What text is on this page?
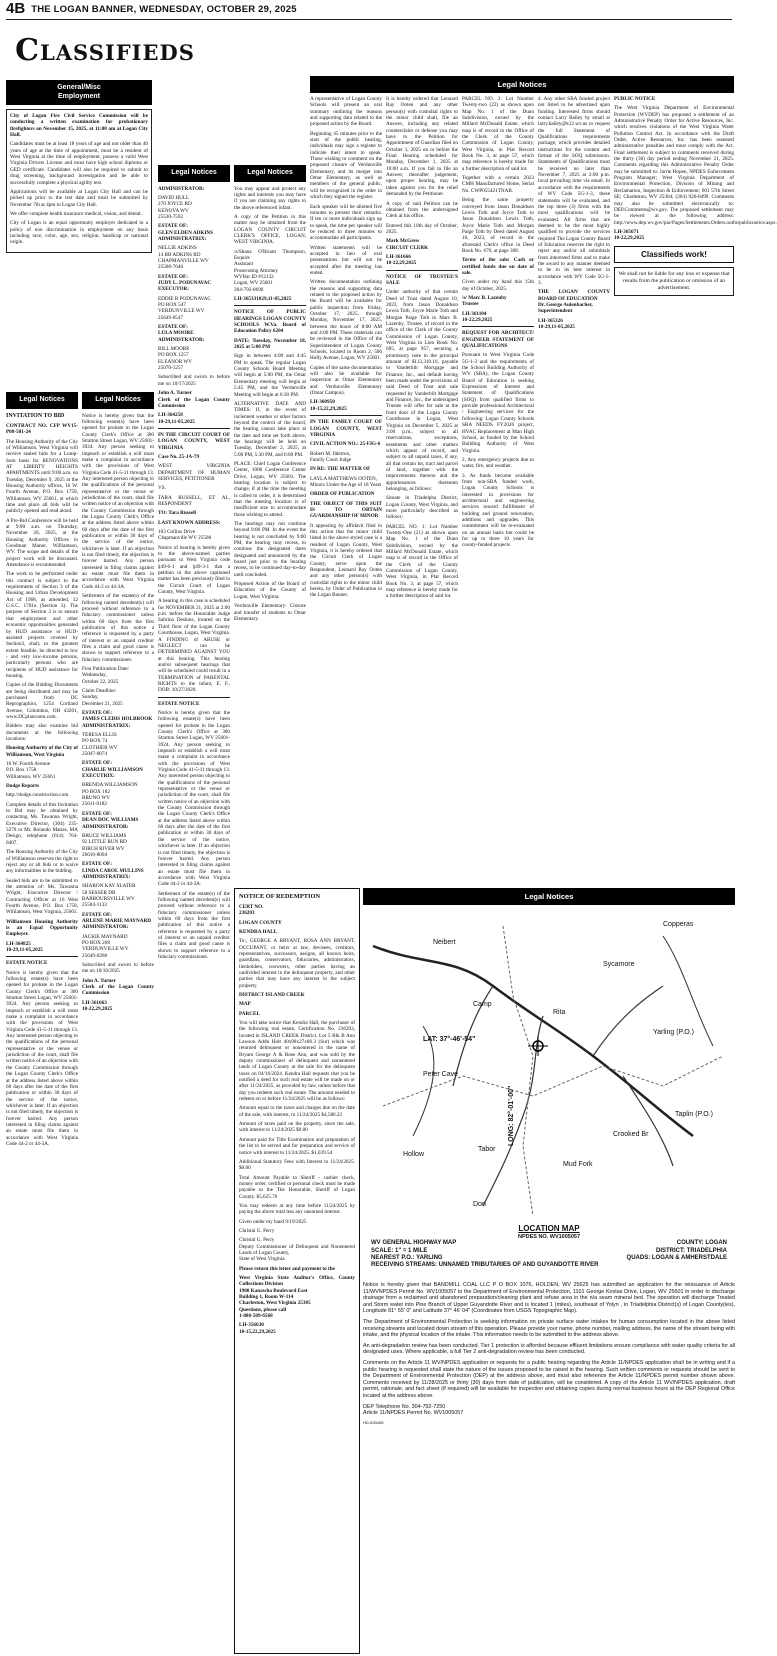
4B THE LOGAN BANNER, WEDNESDAY, OCTOBER 29, 2025
Classifieds
General/Misc
Employment

City of Logan Fire Civil Service Commission will be conducting a written examination for probationary firefighters on November 15, 2025, at 11:00 am at Logan City Hall.

Candidates must be at least 18 years of age and not older than 40 years of age at the time of appointment, must be a resident of West Virginia at the time of employment, possess a valid West Virginia Drivers License and must have high school diploma or GED certificate. Candidates will also be required to submit to drug screening, background investigation and be able to successfully complete a physical agility test.

Applications will be available at Logan City Hall and can be picked up prior to the test date and must be submitted by November 7th at 4pm to Logan City Hall.

We offer complete health insurance medical, vision, and dental.

City of Logan is an equal opportunity employer dedicated to a policy of non discrimination in employment on any basis including race, color, age, sex, religion, handicap or national origin.

Legal Notices

INVITATION TO BID

CONTRACT NO. CFP WV15-P08-501-24

The Housing Authority of the City of Williamson, West Virginia will receive sealed bids for a Lump-Sum basis for RENOVATIONS AT LIBERTY HEIGHTS APARTMENTS until 9:00 a.m. on Tuesday, December 9, 2025 at the Housing Authority offices, 16 W. Fourth Avenue, P.O. Box 1758, Williamson, WV 25661, at which time and place all bids will be publicly opened and read aloud.

A Pre-Bid Conference will be held at 9:00 a.m. on Thursday, November 20, 2025, at the Housing Authority Offices in Goodman Manor, Williamson, WV. The scope and details of the project work will be discussed. Attendance is recommended.

The work to be performed under this contract is subject to the requirements of Section 3 of the Housing and Urban Development Act of 1968, as amended, 12 U.S.C. 1701u (Section 3). The purpose of Section 3 is to ensure that employment and other economic opportunities generated by HUD assistance or HUD-assisted projects covered by Section3, shall, to the greatest extent feasible, be directed to low - and very low-income persons, particularly persons who are recipients of HUD assistance for housing.

Copies of the Bidding Documents are being distributed and may be purchased from DC Reprographics, 1254 Cortland Avenue, Columbus, OH 43201, www.DCplanroom.com.

Bidders may also examine bid documents at the following locations:

Housing Authority of the City of Williamson, West Virginia

16 W. Fourth Avenue
P.O. Box 1758
Williamson, WV 25661

Dodge Reports

http://dodge.construction.com

Complete details of this Invitation to Bid may be obtained by contacting Ms. Tawanna Wright, Executive Director, (304) 235-3270 or Mr. Rolando Matias, MA Design, telephone (614) 764-0407.

The Housing Authority of the City of Williamson reserves the right to reject any or all bids or to waive any informalities in the bidding.

Sealed bids are to be submitted to the attention of: Ms. Tawanna Wright, Executive Director / Contracting Officer at 16 West Fourth Avenue, P.O. Box 1758, Williamson, West Virginia, 25661.

Williamson Housing Authority is an Equal Opportunity Employer.

LH-364825
10-29,11-05,2025

ESTATE NOTICE

Notice is hereby given that the following estate(s) have been opened for probate in the Logan County Clerk's Office at 300 Stratton Street Logan, WV 25601-3924. Any person seeking to impeach or establish a will must make a complaint in accordance with the provisions of West Virginia Code 41-5-11 through 13. Any interested person objecting to the qualifications of the personal representative or the venue or jurisdiction of the court, shall file written notice of an objection with the County Commission through the Logan County Clerk's Office at the address listed above within 60 days after the date of the first publication or within 30 days of the service of the notice, whichever is later. If an objection is not filed timely, the objection is forever barred. Any person interested in filing claims against an estate must file them in accordance with West Virginia Code 44-2 or 44-3A.

Legal Notices

Notice is hereby given that the following estate(s) have been opened for probate in the Logan County Clerk's Office at 300 Stratton Street Logan, WV 25601-3924. Any person seeking to impeach or establish a will must make a complaint in accordance with the provisions of West Virginia Code 41-5-11 through 13. Any interested person objecting to the qualifications of the personal representative or the venue or jurisdiction of the court, shall file written notice of an objection with the County Commission through the Logan County Clerk's Office at the address listed above within 60 days after the date of the first publication or within 30 days of the service of the notice, whichever is later. If an objection is not filed timely, the objection is forever barred. Any person interested in filing claims against an estate must file them in accordance with West Virginia Code 44-2 or 44-3A.

Settlement of the estate(s) of the following named decedent(s) will proceed without reference to a fiduciary commissioner unless within 60 days from the first publication of this notice a reference is requested by a party of interest or an unpaid creditor files a claim and good cause is shown to support reference to a fiduciary commissioner.

First Publication Date:
Wednesday,
October 22, 2025

Claim Deadline:
Sunday,
December 21, 2025

ESTATE OF:
JAMES CLEDIS HOLBROOK
ADMINISTRATRIX:

TERESA ELLIS
PO BOX 74
CLOTHIER WV
25047-0074

ESTATE OF:
CHARLIE WILLIAMSON
EXECUTRIX:

BRENDA WILLIAMSON
PO BOX 182
BRUNO WV
25611-0182

ESTATE OF:
DEAN DOC WILLIAMS
ADMINISTRATOR:

BRUCE WILLIAMS
92 LITTLE RUN RD
BIRCH RIVER WV
26610-8094

ESTATE OF:
LINDA CAROL MULLINS
ADMINISTRATRIX:

SHARON KAY SLATER
58 SESSER DR
BARBOURSVILLE WV
25504-1133

ESTATE OF:
ARLENE MARIE MAYNARD
ADMINISTRATOR:

JACKIE MAYNARD
PO BOX 268
VERDUNVILLE WV
25649-0268

Subscribed and sworn to before me on 10/10/2025

John A. Turner
Clerk of the Logan County Commission

LH-361663
10-22,29,2025

Legal Notices

ADMINISTRATOR:

DAVID HULL
270 JOYCE RD
KENOVA WV
25530-7592

ESTATE OF:
GLEN ELDEN ADKINS
ADMINISTRATRIX:

NELLIE ADKINS
14 BB ADKINS RD
CHAPMANVILLE WV
25508-7640

ESTATE OF:
JUDY L. PODUNAVAC
EXECUTOR:

EDDIE R PODUNAVAC
PO BOX 547
VERDUNVILLE WV
25649-0547

ESTATE OF:
LULA MOORE
ADMINISTRATOR:

BILL MOORE
PO BOX 1257
ELEANOR WV
25070-1257

Subscribed and sworn to before me on 10/17/2025

John A. Turner
Clerk of the Logan County Commission

LH-364258
10-29,11-05,2025

IN THE CIRCUIT COURT OF LOGAN COUNTY, WEST VIRGINIA

Case No. 25-JA-79

WEST VIRGINIA DEPARTMENT OF HUMAN SERVICES, PETITIONER

VS.

TARA RUSSELL, ET AL, RESPONDENT

TO: Tara Russell

LAST KNOWN ADDRESS:

103 Collins Drive
Chapmanville WV 25508

Notice of hearing is hereby given to the above-named parties pursuant to West Virginia code §49-6-1 and §49-3-1 that a petition in the above captioned matter has been previously filed in the Circuit Court of Logan County, West Virginia.

A hearing in this case is scheduled for NOVEMBER 21, 2025 at 2:00 p.m. before the Honorable Judge Sabrina Deskins, located on the Third floor of the Logan County Courthouse, Logan, West Virginia. A FINDING of ABUSE or NEGLECT can be DETERMINED AGAINST YOU at this hearing. This hearing and/or subsequent hearings that will be scheduled could result in a TERMINATION of PARENTAL RIGHTS to the infant, E. F., DOB: 10/27/2020.

ESTATE NOTICE

Notice is hereby given that the following estate(s) have been opened for probate in the Logan County Clerk's Office at 300 Stratton Street Logan, WV 25601-3924. Any person seeking to impeach or establish a will must make a complaint in accordance with the provisions of West Virginia Code 41-5-11 through 13. Any interested person objecting to the qualifications of the personal representative or the venue or jurisdiction of the court, shall file written notice of an objection with the County Commission through the Logan County Clerk's Office at the address listed above within 60 days after the date of the first publication or within 30 days of the service of the notice, whichever is later. If an objection is not filed timely, the objection is forever barred. Any person interested in filing claims against an estate must file them in accordance with West Virginia Code 44-2 or 44-3A.

Settlement of the estate(s) of the following named decedent(s) will proceed without reference to a fiduciary commissioner unless within 60 days from the first publication of this notice a reference is requested by a party of interest or an unpaid creditor files a claim and good cause is shown to support reference to a fiduciary commissioner.

Legal Notices

You may appear and protect any rights and interests you may have if you are claiming any rights to the above referenced infant.

A copy of the Petition in this matter may be obtained from the LOGAN COUNTY CIRCUIT CLERK'S OFFICE, LOGAN, WEST VIRGINIA.

/s/Shana O'Briant Thompson, Esquire
Assistant
Prosecuting Attorney
WVBar ID #12132
Logan, WV 25601
304-792-8690

LH-365331029,11-05,2025

NOTICE OF PUBLIC HEARINGS LOGAN COUNTY SCHOOLS W.Va. Board of Education Policy 6204

DATE: Tuesday, November 18, 2025 at 5:00 PM

Sign in between 4:00 and 4:45 PM to speak. The regular Logan County Schools Board Meeting will begin at 5:00 PM, the Omar Elementary meeting will begin at 5:45 PM, and the Verdunville Meeting will begin at 6:30 PM.

ALTERNATIVE DATE AND TIMES: If, in the event of inclement weather or other factors beyond the control of the board, the hearing cannot take place at the date and time set forth above, the hearings will be held on Tuesday, December 2, 2025, at 5:00 PM, 5:30 PM, and 6:00 PM.

PLACE: Chief Logan Conference Center, 1000 Conference Center Drive, Logan, WV 25601. The hearing location is subject to change, if at the time the meeting is called to order, it is determined that the meeting location is of insufficient size to accommodate those wishing to attend.

The hearings may not continue beyond 9:00 PM. In the event the hearing is not concluded by 9:00 PM, the hearing may recess, to continue the designated dates designated and announced by the board just prior to the hearing recess, to be continued day-to-day until concluded.

Proposed Action of the Board of Education of the County of Logan, West Virginia:

Verdunville Elementary: Closure and transfer of students to Omar Elementary.

Legal Notices

A representative of Logan County Schools will present an oral summary outlining the reasons and supporting data related to the proposed action by the Board.

Beginning 45 minutes prior to the start of the public hearing, individuals may sign a register to indicate their intent to speak. Those wishing to comment on the proposed closure of Verdunville Elementary, and its merger into Omar Elementary, as well as members of the general public, will be recognized in the order in which they signed the register.

Each speaker will be allotted five minutes to present their remarks. If ten or more individuals sign up to speak, the time per speaker will be reduced to three minutes to accommodate all participants.

Written statements will be accepted in lieu of oral presentations but will not be accepted after the meeting has ended.

Written documentation outlining the reasons and supporting data related to the proposed action by the Board will be available for public inspection from Friday, October 17, 2025, through Monday, November 17, 2025, between the hours of 8:00 AM and 4:00 PM. These materials can be reviewed in the Office of the Superintendent of Logan County Schools, located in Room 2, 506 Holly Avenue, Logan, WV 25601.

Copies of the same documentation will also be available for inspection at Omar Elementary and Verdunville Elementary (Omar Campus).

LH-360950
10-15,22,29,2025

IN THE FAMILY COURT OF LOGAN COUNTY, WEST VIRGINIA

CIVIL ACTION NO.: 25-FIG-6

Robert M. Ilderton,
Family Court Judge

IN RE: THE MATTER OF

LAYLA MATTHEWS OOTEN,
Minors Under the Age of 18 Years

ORDER OF PUBLICATION

THE OBJECT OF THIS SUIT IS TO OBTAIN GUARDIANSHIP OF MINOR

It appearing by affidavit filed in this action that the minor child listed in the above styled case is a resident of Logan County, West Virginia, it is hereby ordered that the Circuit Clerk of Logan County, serve upon the Respondent, Leonard Ray Ooten and any other person(s) with custodial rights to the minor child herein, by Order of Publication in the Logan Banner.

It is hereby ordered that Leonard Ray Ooten and any other person(s) with custodial rights to the minor child shall, file an Answer, including any related counterclaim or defense you may have to the Petition for Appointment of Guardian filed on October 1, 2025 on or before the Final Hearing scheduled for Monday, December 1, 2025 at 10:00 a.m. If you fail to file an Answer, thereafter judgement, upon proper hearing, may be taken against you for the relief demanded by the Petitioner.

A copy of said Petition can be obtained from the undersigned Clerk at his office.

Entered this 10th day of October, 2025.

Mark McGrew
CIRCUIT CLERK

LH-361666
10-22,29,2025

NOTICE OF TRUSTEE'S SALE

Under authority of that certain Deed of Trust dated August 10, 2023, from Jason Donaldson Lewis Toth, Joyce Marie Toth and Morgan Paige Toth to Marc B. Lazenby, Trustee, of record in the office of the Clerk of the County Commission of Logan County, West Virginia in Lien Book No. 685, at page 957, securing a promissory note in the principal amount of $113,310.16, payable to Vanderbilt Mortgage and Finance, Inc., and default having been made under the provisions of said Deed of Trust and sale requested by Vanderbilt Mortgage and Finance, Inc., the undersigned Trustee will offer for sale at the front door of the Logan County Courthouse in Logan, West Virginia on December 5, 2025 at 3:00 p.m., subject to all reservations, exceptions, easements and other matters which appear of record, and subject to all unpaid taxes, if any, all that certain lot, tract and parcel of land, together with the improvements thereon and the appurtenances thereunto belonging, as follows:

Situate in Triadelpha District, Logan County, West Virginia, and more particularly described as follows:

PARCEL NO. 1: Lot Number Twenty-One (21) as shown upon Map No. 1 of the Dunn Subdivision, owned by the Millard McDonald Estate, which map is of record in the Office of the Clerk of the County Commission of Logan County, West Virginia, in Plat Record Book No. 3, at page 57, which map reference is hereby made for a further description of said lot.

PARCEL NO. 2: Lot Number Twenty-two (22) as shown upon Map No. 1 of the Dunn Subdivision, owned by the Millard McDonald Estate, which map is of record in the Office of the Clerk of the County Commission of Logan County, West Virginia, in Plat Record Book No. 3, at page 57, which map reference is hereby made for a further description of said lot.

Together with a certain 2023 CMH Manufactured Home, Serial No. CWP055421TNAB.

Being the same property conveyed from Jason Donaldson Lewis Toth and Joyce Toth to Jason Donaldson Lewis Toth, Joyce Marie Toth and Morgan Paige Toth by Deed dated August 10, 2023, of record in the aforesaid Clerk's office in Deed Book No. 676, at page 368.

Terms of the sale: Cash or certified funds due on date of sale.

Given under my hand this 15th day of October, 2025.

/s/ Marc B. Lazenby
Trustee

LH-361104
10-22,29,2025

REQUEST FOR ARCHITECT/ ENGINEER STATEMENT OF QUALIFICATIONS

Pursuant to West Virginia Code 5G-1-3 and the requirements of the School Building Authority of WV (SBA), the Logan County Board of Education is seeking Expressions of Interest and Statement of Qualifications (SOQ) from qualified firms to provide professional Architectural / Engineering services for the following: Logan County Schools SBA NEEDS FY2026 project, HVAC Replacement at Man High School, as funded by the School Building Authority of West Virginia.

2. Any emergency projects due to water, fire, and weather.

3. As funds become available from non-SBA funded work, Logan County Schools is interested in provisions for architectural and engineering services toward fulfillment of building and ground renovation, additions and upgrades. This commitment will be re-evaluated on an annual basis but could be for up to three 10 years for county-funded projects

4. Any other SBA funded project not listed to be advertised upon funding. Interested firms should contact Larry Bailey by email at larry.bailey@k12.wv.us to request the full Statement of Qualifications requirements package, which provides detailed instructions for the content and format of the SOQ submission. Statements of Qualifications must be received no later than November 7, 2025 at 2:00 p.m. local prevailing time via email. In accordance with the requirements of WV Code 5G-1-3, these statements will be evaluated, and the top three (3) firms with the most qualifications will be evaluated. All firms that are deemed to be the most highly qualified to provide the services required The Logan County Board of Education reserves the right to reject any and/or all submittals from interested firms and to make the award to any manner deemed to be in its best interest in accordance with WV Code 5G-1-3.

THE LOGAN COUNTY BOARD OF EDUCATION
Dr. George Aulenbacher,
Superintendent

LH-365326
10-29,11-05,2025

PUBLIC NOTICE

The West Virginia Department of Environmental Protection (WVDEP) has proposed a settlement of an Administrative Penalty Order for Active Resources, Inc. which resolves violations of the West Virginia Water Pollution Control Act. In accordance with the Draft Order, Active Resources, Inc. has been assessed administrative penalties and must comply with the Act. Final settlement is subject to comments received during the thirty (30) day period ending November 21, 2025. Comments regarding this Administrative Penalty Order may be submitted to: Jarrie Hopen, NPDES Enforcement Program Manager; West Virginia Department of Environmental Protection, Division of Mining and Reclamation, Inspection & Enforcement; 601 57th Street SE; Charleston, WV 25304; (304) 926-0499. Comments may also be submitted electronically to: DEP.Comments@wv.gov. The proposed settlement may be viewed at the following address: http://www.dep.wv.gov/pio/Pages/Settlements.Orders.outforpublicnotice.aspx.

LH-365671
10-22,29,2025

Classifieds work!
We shall not be liable for any loss or expense that results from the publication or omission of an advertisement.

NOTICE OF REDEMPTION

CERT NO.
236203

LOGAN COUNTY

KENDRA HALL

To:, GEORGE A BRYANT, ROSA ANN BRYANT, OCCUPANT, or heirs at law, devisees, creditors, representatives, successors, assigns, all known heirs, guardians, conservators, fiduciaries, administrators, lienholders, coowners, other parties having an undivided interest in the delinquent property, and other parties that may have any interest in the subject property.

DISTRICT ISLAND CREEK

MAP

PARCEL

You will take notice that Kendra Hall, the purchaser of the following real estate, Certification No. 236203, located in ISLAND CREEK District, Lot 5 Blk B Ann Lawson Addn Holt 40x98x27x86.3 (Sur) which was returned delinquent or nonentered in the name of Bryant George A & Rose Ann, and was sold by the deputy commissioner of delinquent and nonentered lands of Logan County at the sale for the delinquent taxes on 04/16/2024. Kendra Hall requests that you be notified a deed for such real estate will be made on or after 11/24/2025, as provided by law, unless before that day you redeem such real estate. The amount needed to redeem on or before 11/24/2025 will be as follows:

Amount equal to the taxes and charges due on the date of the sale, with interest, to 11/24/2025 $4,586.22

Amount of taxes paid on the property, since the sale, with interest to 11/24/2025 $0.00

Amount paid for Title Examination and preparation of the list to be served and for preparation and service of notice with interest to 11/24/2025. $1,039.54

Additional Statutory Fees with Interest to 11/24/2025. $0.00

Total Amount Payable to Sheriff - cashier check, money order, certified or personal check must be made payable to the The Honorable, Sheriff of Logan County. $5,625.76

You may redeem at any time before 11/24/2025 by paying the above total less any unearned interest.

Given under my hand 9/19/2025

Christal G. Perry

Christal G. Perry
Deputy Commissioner of Delinquent and Nonentered Lands of Logan County,
State of West Virginia

Please return this letter and payment to the

West Virginia State Auditor's Office, County Collections Division
1900 Kanawha Boulevard East
Building 1, Room W-114
Charleston, West Virginia 25305
Questions, please call
1-888-509-6568

LH-356630
10-15,22,29,2025

Legal Notices
Neibert
Camp
Rita
Peter Cave
Tabor
Don
Mud Fork
Sycamore
Yarling (P.O.)
Taplin (P.O.)
Hollow
Crooked Br
Copperas
LAT: 37°-46'-54"
LONG: 82°-01'-00"
LOCATION MAP
NPDES NO. WV1005057
WV GENERAL HIGHWAY MAP	COUNTY: LOGAN
SCALE: 1" = 1 MILE	DISTRICT: TRIADELPHIA
NEAREST P.O.: YARLING	QUADS: LOGAN & AMHERSTDALE
RECEIVING STREAMS: UNNAMED TRIBUTARIES OF AND GUYANDOTTE RIVER

Notice is hereby given that BANDMILL COAL LLC P O BOX 1076, HOLDEN, WV 25625 has submitted an application for the reissuance of Article 11/WVNPDES Permit No. WV1005057 to the Department of Environmental Protection, 1101 George Kostas Drive, Logan, WV 25601 in order to discharge drainage from a reclaimed and abandoned preparation/cleaning plant and refuse area in the n/a seam mineral bed. The operation will discharge Treated and Storm water into Pine Branch of Upper Guyandotte River and is located 1 (miles), southeast of Yolyn , in Triadelphia District(s) of Logan County(ies), Longitude 81° 55' 0" and Latitude 37° 46' 04" (Coordinates from USGS Topographic Map).

The Department of Environmental Protection is seeking information on private surface water intakes for human consumption located in the above listed receiving streams and located down stream of this operation. Please provide your name, phone number, mailing address, the name of the stream being with intake, and the physical location of the intake. This information needs to be submitted to the address above.

An anti-degradation review has been conducted. Tier 1 protection is afforded because effluent limitations ensure compliance with water quality criteria for all designated uses. Where applicable, a full Tier 2 anti-degradation review has been conducted.

Comments on the Article 11 WV/NPDES application or requests for a public hearing regarding the Article 11/NPDES application shall be in writing and if a public hearing is requested shall state the nature of the issues proposed to be raised in the hearing. Such written comments or requests should be sent to the Department of Environmental Protection (DEP) at the address above, and must also reference the Article 11/NPDES permit number shown above. Comments received by 11/28/2025 or thirty (30) days from date of publication, will be considered. A copy of the Article 11 WV/NPDES application, draft permit, rationale, and fact sheet (if required) will be available for inspection and obtaining copies during normal business hours at the DEP Regional Office located at the address above.

DEP Telephone No. 304-792-7250
Article 11/NPDES Permit No. WV1005057

HD-533405
